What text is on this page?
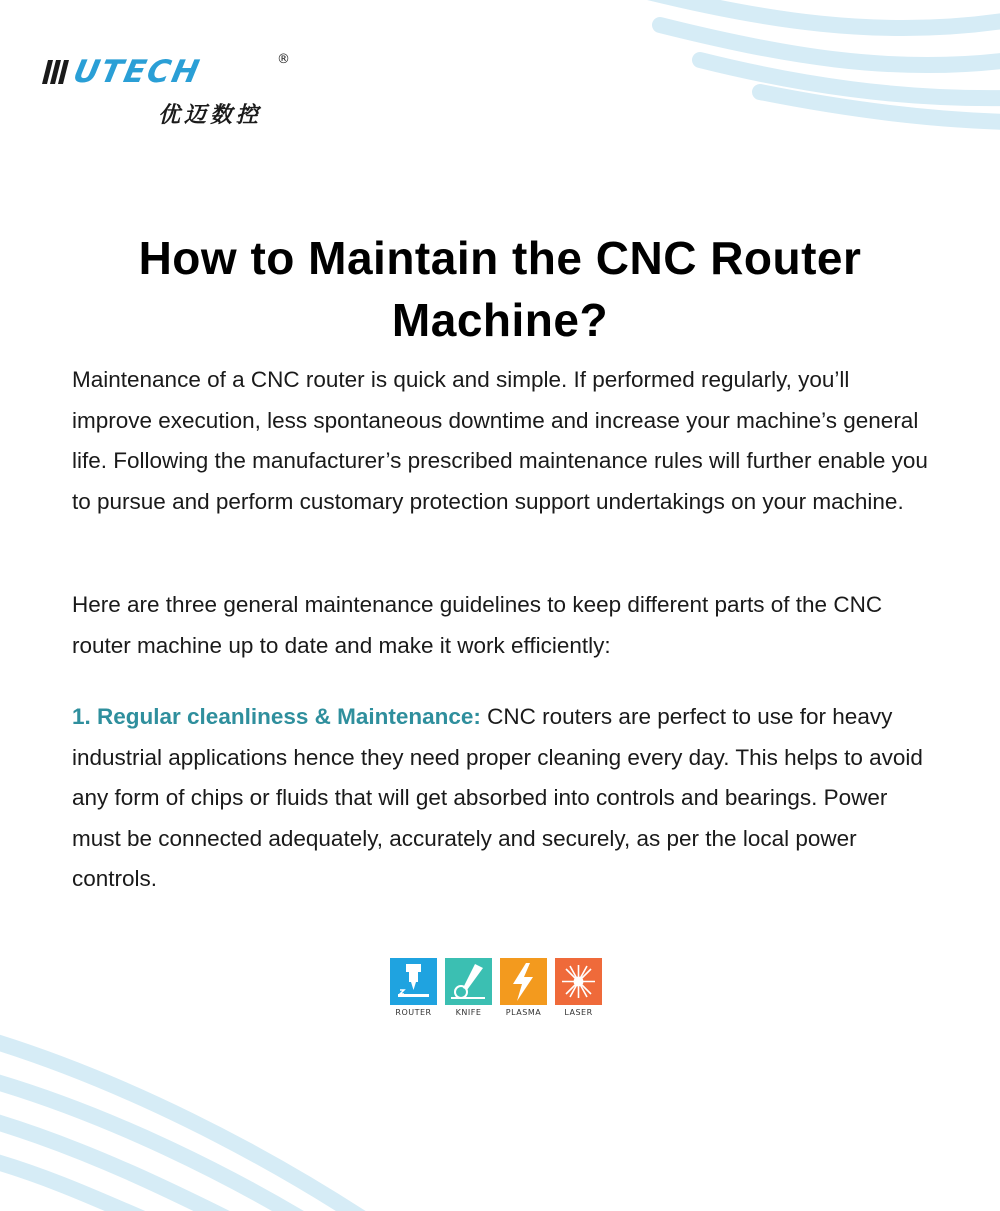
UTECH	®
优迈数控
How to Maintain the CNC Router Machine?

Maintenance of a CNC router is quick and simple. If performed regularly, you’ll improve execution, less spontaneous downtime and increase your machine’s general life. Following the manufacturer’s prescribed maintenance rules will further enable you to pursue and perform customary protection support undertakings on your machine.

Here are three general maintenance guidelines to keep different parts of the CNC router machine up to date and make it work efficiently:

1. Regular cleanliness & Maintenance: CNC routers are perfect to use for heavy industrial applications hence they need proper cleaning every day. This helps to avoid any form of chips or fluids that will get absorbed into controls and bearings. Power must be connected adequately, accurately and securely, as per the local power controls.

ROUTER	KNIFE	PLASMA	LASER
